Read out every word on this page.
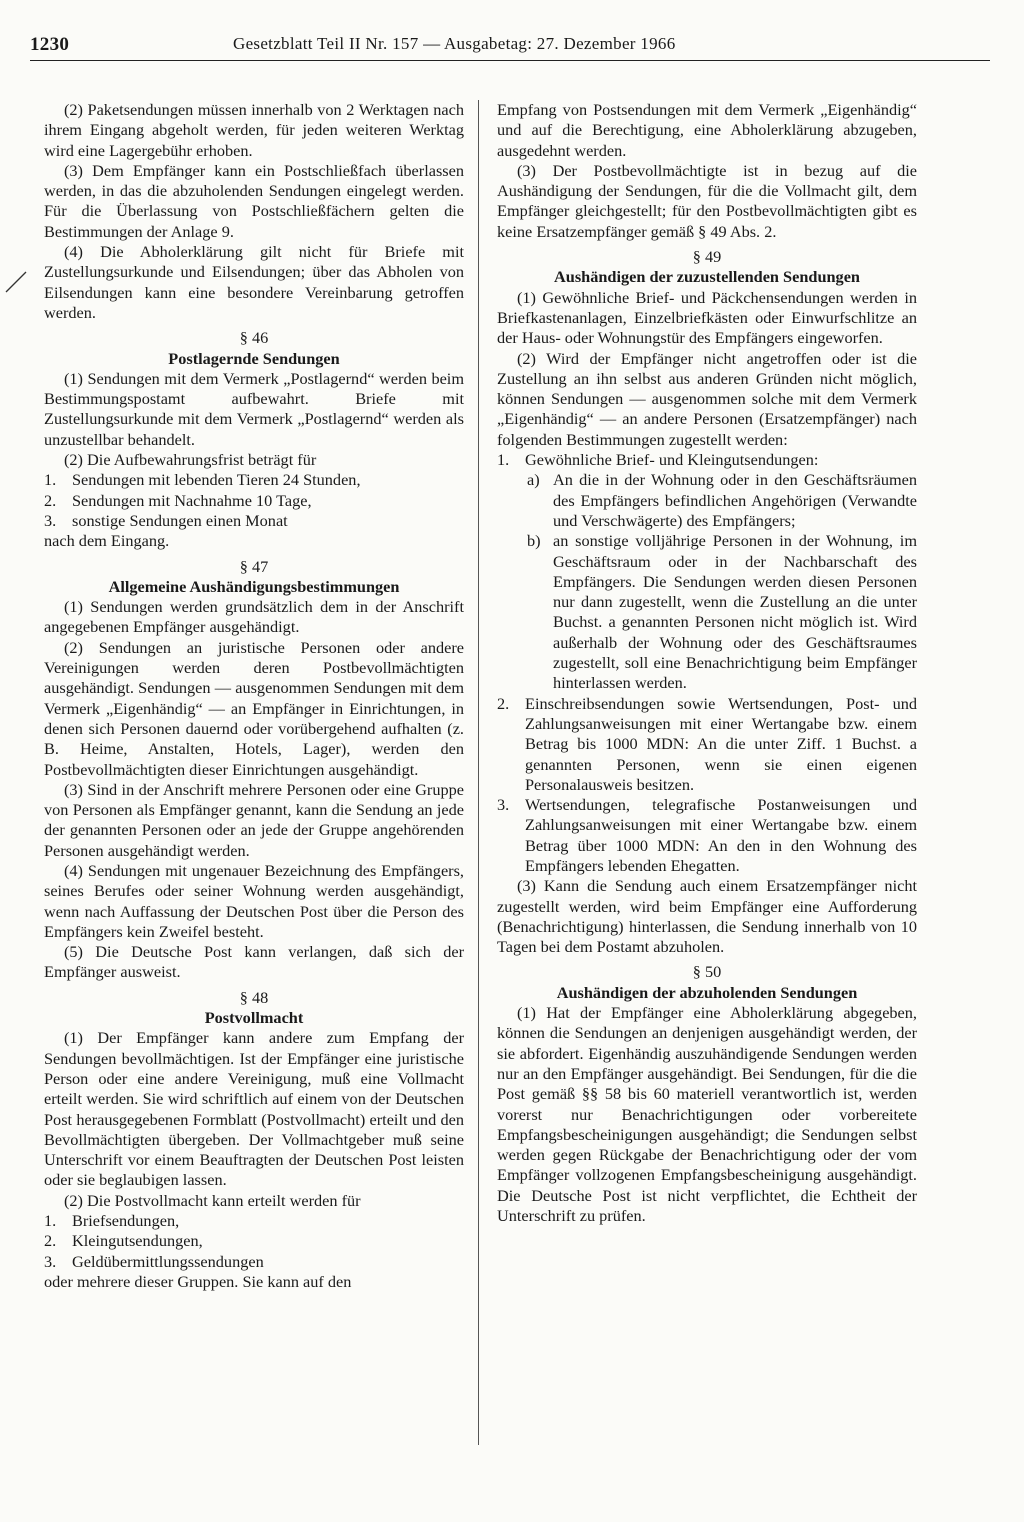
1230	Gesetzblatt Teil II Nr. 157 — Ausgabetag: 27. Dezember 1966

(2) Paketsendungen müssen innerhalb von 2 Werktagen nach ihrem Eingang abgeholt werden, für jeden weiteren Werktag wird eine Lagergebühr erhoben.

(3) Dem Empfänger kann ein Postschließfach überlassen werden, in das die abzuholenden Sendungen eingelegt werden. Für die Überlassung von Postschließfächern gelten die Bestimmungen der Anlage 9.

(4) Die Abholerklärung gilt nicht für Briefe mit Zustellungsurkunde und Eilsendungen; über das Abholen von Eilsendungen kann eine besondere Vereinbarung getroffen werden.

§ 46

Postlagernde Sendungen

(1) Sendungen mit dem Vermerk „Postlagernd“ werden beim Bestimmungspostamt aufbewahrt. Briefe mit Zustellungsurkunde mit dem Vermerk „Postlagernd“ werden als unzustellbar behandelt.

(2) Die Aufbewahrungsfrist beträgt für

1. Sendungen mit lebenden Tieren 24 Stunden,
2. Sendungen mit Nachnahme 10 Tage,
3. sonstige Sendungen einen Monat

nach dem Eingang.

§ 47

Allgemeine Aushändigungsbestimmungen

(1) Sendungen werden grundsätzlich dem in der Anschrift angegebenen Empfänger ausgehändigt.

(2) Sendungen an juristische Personen oder andere Vereinigungen werden deren Postbevollmächtigten ausgehändigt. Sendungen — ausgenommen Sendungen mit dem Vermerk „Eigenhändig“ — an Empfänger in Einrichtungen, in denen sich Personen dauernd oder vorübergehend aufhalten (z. B. Heime, Anstalten, Hotels, Lager), werden den Postbevollmächtigten dieser Einrichtungen ausgehändigt.

(3) Sind in der Anschrift mehrere Personen oder eine Gruppe von Personen als Empfänger genannt, kann die Sendung an jede der genannten Personen oder an jede der Gruppe angehörenden Personen ausgehändigt werden.

(4) Sendungen mit ungenauer Bezeichnung des Empfängers, seines Berufes oder seiner Wohnung werden ausgehändigt, wenn nach Auffassung der Deutschen Post über die Person des Empfängers kein Zweifel besteht.

(5) Die Deutsche Post kann verlangen, daß sich der Empfänger ausweist.

§ 48

Postvollmacht

(1) Der Empfänger kann andere zum Empfang der Sendungen bevollmächtigen. Ist der Empfänger eine juristische Person oder eine andere Vereinigung, muß eine Vollmacht erteilt werden. Sie wird schriftlich auf einem von der Deutschen Post herausgegebenen Formblatt (Postvollmacht) erteilt und den Bevollmächtigten übergeben. Der Vollmachtgeber muß seine Unterschrift vor einem Beauftragten der Deutschen Post leisten oder sie beglaubigen lassen.

(2) Die Postvollmacht kann erteilt werden für

1. Briefsendungen,
2. Kleingutsendungen,
3. Geldübermittlungssendungen

oder mehrere dieser Gruppen. Sie kann auf den

Empfang von Postsendungen mit dem Vermerk „Eigenhändig“ und auf die Berechtigung, eine Abholerklärung abzugeben, ausgedehnt werden.

(3) Der Postbevollmächtigte ist in bezug auf die Aushändigung der Sendungen, für die die Vollmacht gilt, dem Empfänger gleichgestellt; für den Postbevollmächtigten gibt es keine Ersatzempfänger gemäß § 49 Abs. 2.

§ 49

Aushändigen der zuzustellenden Sendungen

(1) Gewöhnliche Brief- und Päckchensendungen werden in Briefkastenanlagen, Einzelbriefkästen oder Einwurfschlitze an der Haus- oder Wohnungstür des Empfängers eingeworfen.

(2) Wird der Empfänger nicht angetroffen oder ist die Zustellung an ihn selbst aus anderen Gründen nicht möglich, können Sendungen — ausgenommen solche mit dem Vermerk „Eigenhändig“ — an andere Personen (Ersatzempfänger) nach folgenden Bestimmungen zugestellt werden:

1. Gewöhnliche Brief- und Kleingutsendungen:
a) An die in der Wohnung oder in den Geschäftsräumen des Empfängers befindlichen Angehörigen (Verwandte und Verschwägerte) des Empfängers;
b) an sonstige volljährige Personen in der Wohnung, im Geschäftsraum oder in der Nachbarschaft des Empfängers. Die Sendungen werden diesen Personen nur dann zugestellt, wenn die Zustellung an die unter Buchst. a genannten Personen nicht möglich ist. Wird außerhalb der Wohnung oder des Geschäftsraumes zugestellt, soll eine Benachrichtigung beim Empfänger hinterlassen werden.
2. Einschreibsendungen sowie Wertsendungen, Post- und Zahlungsanweisungen mit einer Wertangabe bzw. einem Betrag bis 1000 MDN: An die unter Ziff. 1 Buchst. a genannten Personen, wenn sie einen eigenen Personalausweis besitzen.
3. Wertsendungen, telegrafische Postanweisungen und Zahlungsanweisungen mit einer Wertangabe bzw. einem Betrag über 1000 MDN: An den in den Wohnung des Empfängers lebenden Ehegatten.

(3) Kann die Sendung auch einem Ersatzempfänger nicht zugestellt werden, wird beim Empfänger eine Aufforderung (Benachrichtigung) hinterlassen, die Sendung innerhalb von 10 Tagen bei dem Postamt abzuholen.

§ 50

Aushändigen der abzuholenden Sendungen

(1) Hat der Empfänger eine Abholerklärung abgegeben, können die Sendungen an denjenigen ausgehändigt werden, der sie abfordert. Eigenhändig auszuhändigende Sendungen werden nur an den Empfänger ausgehändigt. Bei Sendungen, für die die Post gemäß §§ 58 bis 60 materiell verantwortlich ist, werden vorerst nur Benachrichtigungen oder vorbereitete Empfangsbescheinigungen ausgehändigt; die Sendungen selbst werden gegen Rückgabe der Benachrichtigung oder der vom Empfänger vollzogenen Empfangsbescheinigung ausgehändigt. Die Deutsche Post ist nicht verpflichtet, die Echtheit der Unterschrift zu prüfen.
